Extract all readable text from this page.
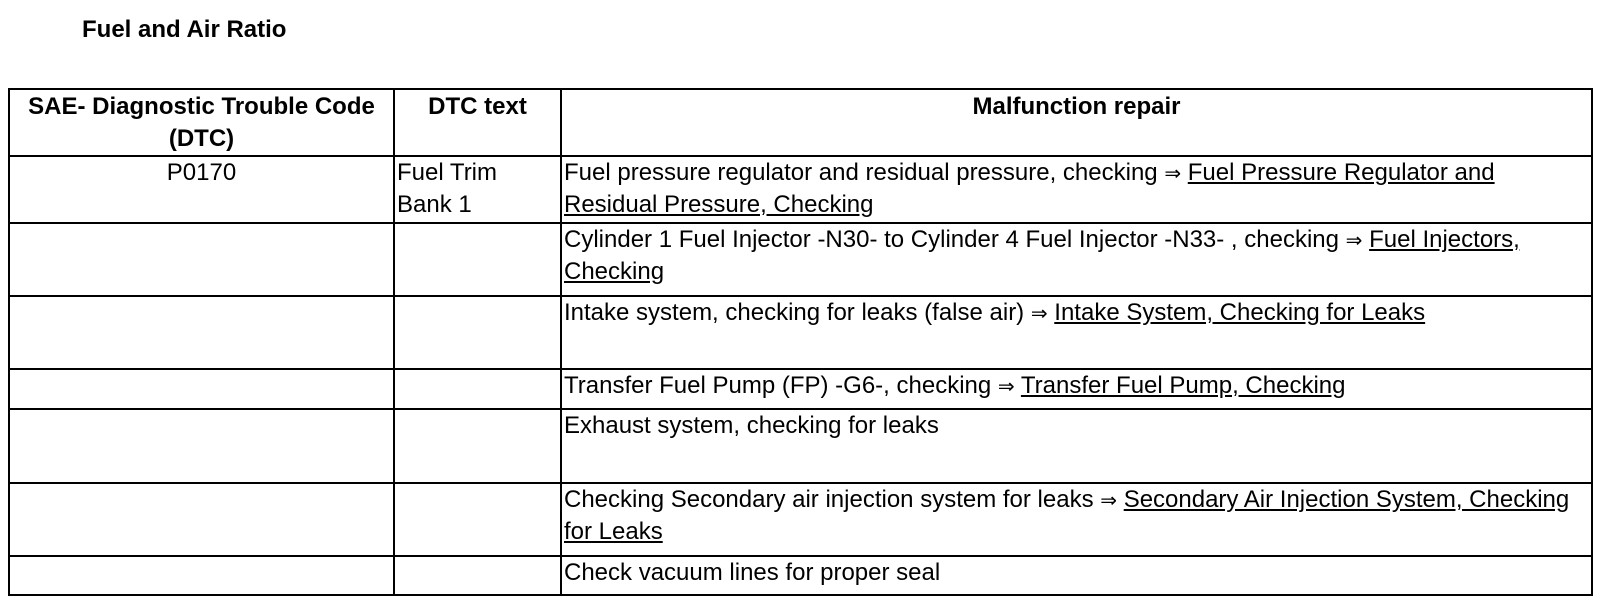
Fuel and Air Ratio
SAE- Diagnostic Trouble Code (DTC)	DTC text	Malfunction repair
P0170	Fuel Trim Bank 1	Fuel pressure regulator and residual pressure, checking ⇒ Fuel Pressure Regulator and Residual Pressure, Checking
		Cylinder 1 Fuel Injector -N30- to Cylinder 4 Fuel Injector -N33- , checking ⇒ Fuel Injectors, Checking
		Intake system, checking for leaks (false air) ⇒ Intake System, Checking for Leaks
		Transfer Fuel Pump (FP) -G6-, checking ⇒ Transfer Fuel Pump, Checking
		Exhaust system, checking for leaks
		Checking Secondary air injection system for leaks ⇒ Secondary Air Injection System, Checking for Leaks
		Check vacuum lines for proper seal
